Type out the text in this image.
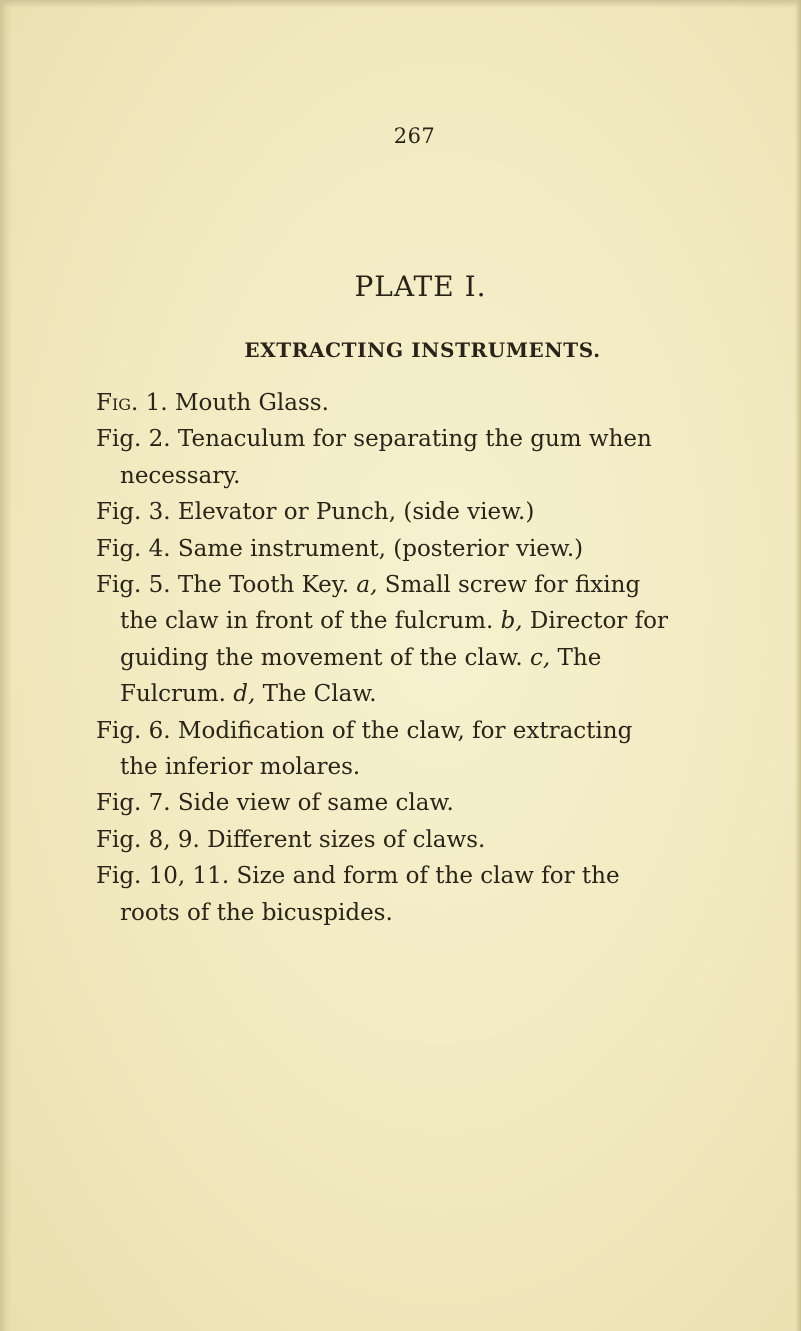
267
PLATE I.
EXTRACTING INSTRUMENTS.

Fig. 1. Mouth Glass.

Fig. 2. Tenaculum for separating the gum when necessary.

Fig. 3. Elevator or Punch, (side view.)

Fig. 4. Same instrument, (posterior view.)

Fig. 5. The Tooth Key. a, Small screw for fixing the claw in front of the fulcrum. b, Director for guiding the movement of the claw. c, The Fulcrum. d, The Claw.

Fig. 6. Modification of the claw, for extracting the inferior molares.

Fig. 7. Side view of same claw.

Fig. 8, 9. Different sizes of claws.

Fig. 10, 11. Size and form of the claw for the roots of the bicuspides.
